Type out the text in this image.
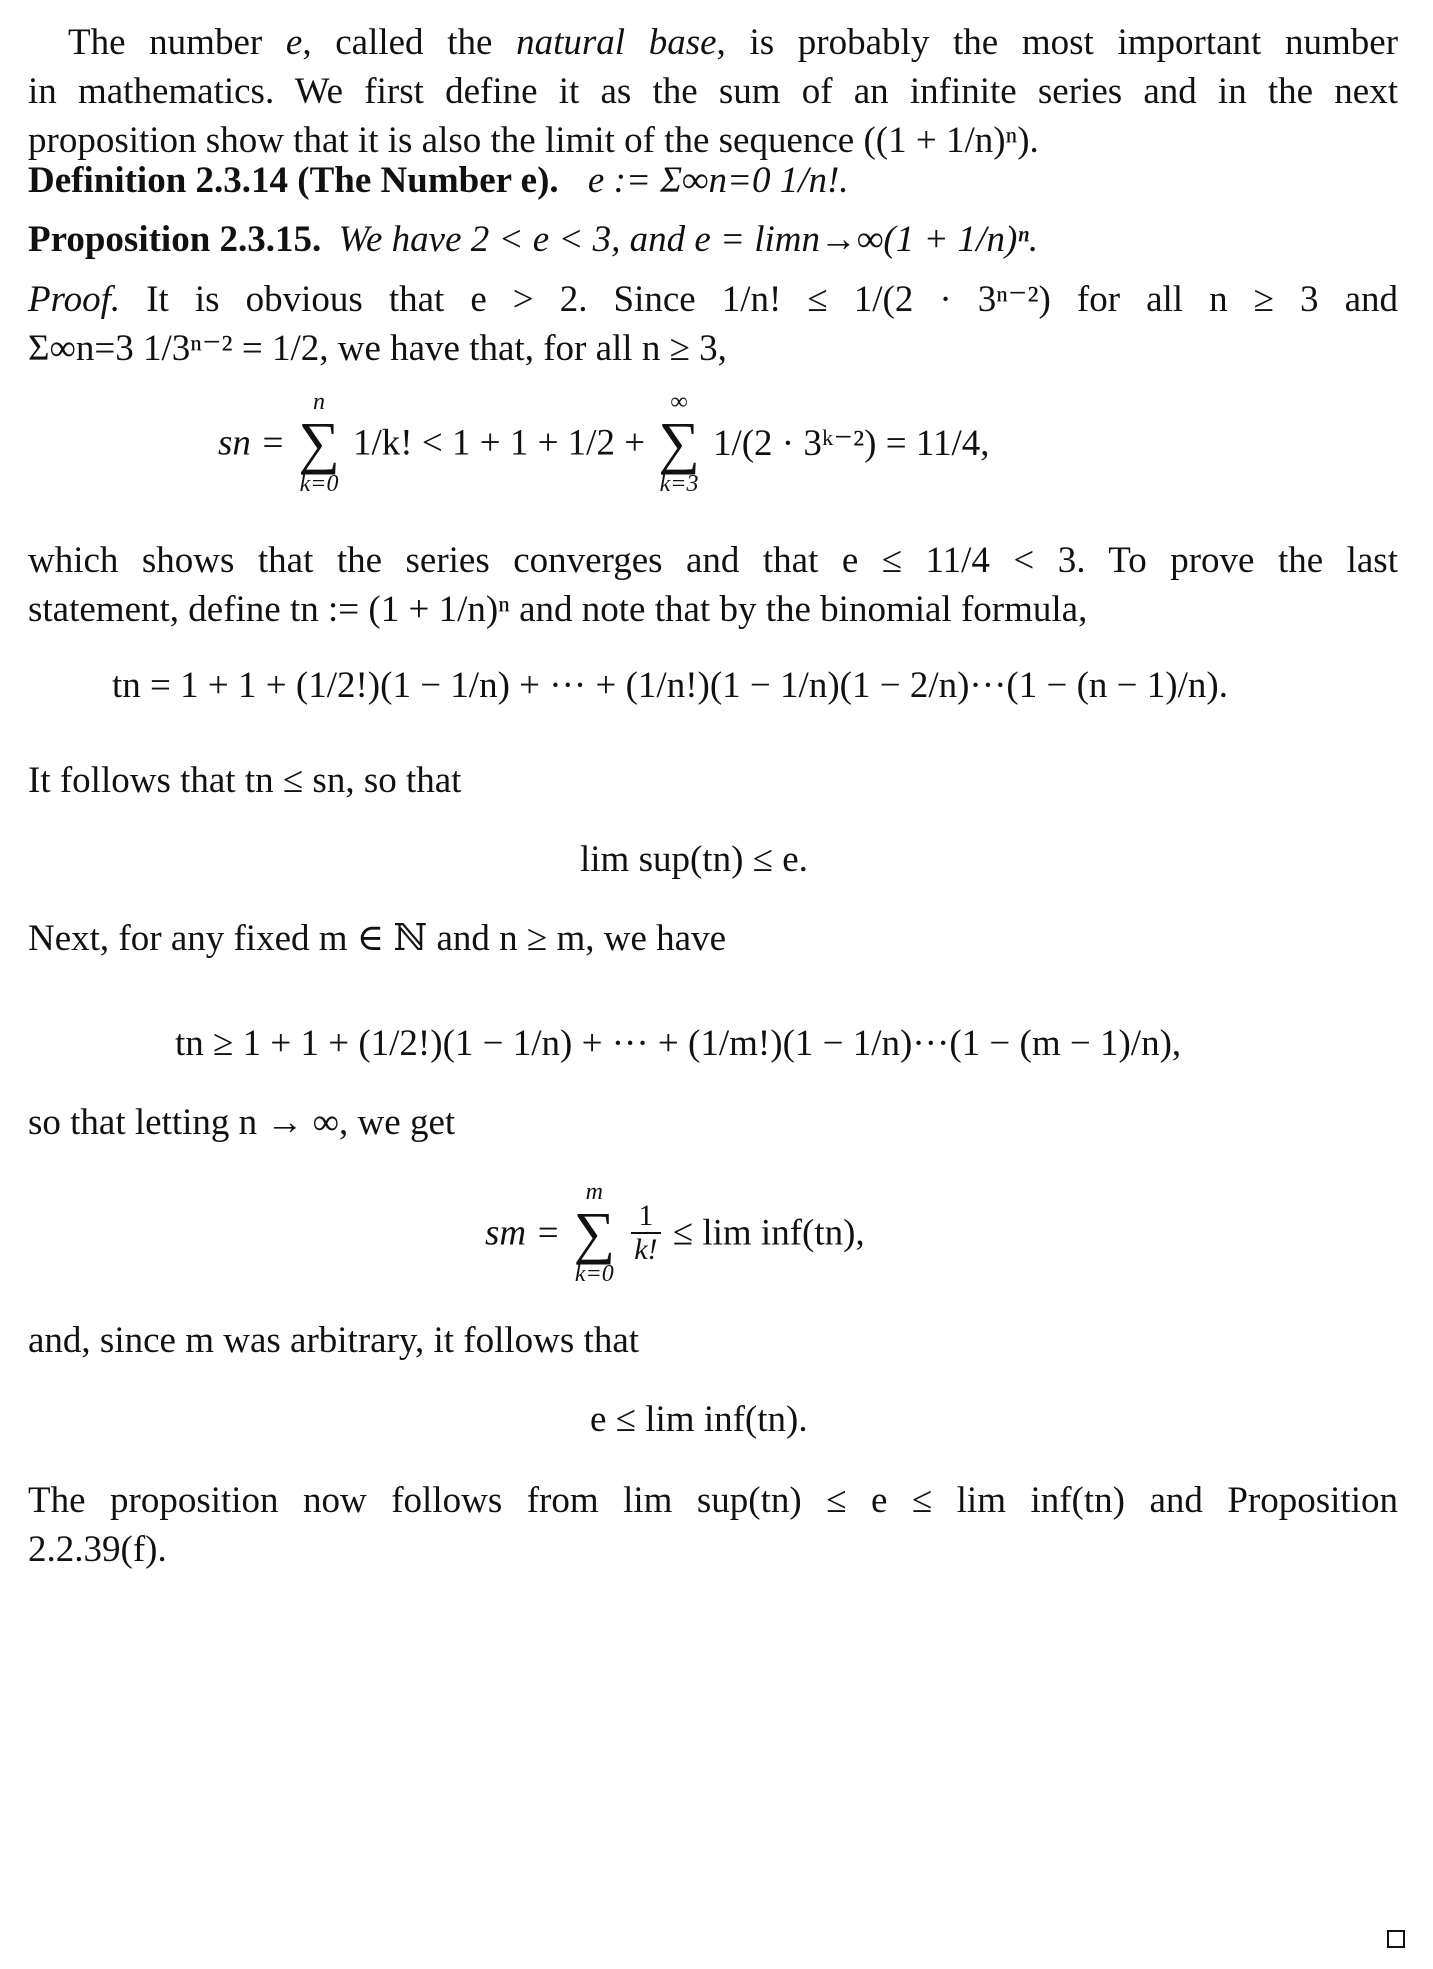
The number e, called the natural base, is probably the most important number
in mathematics. We first define it as the sum of an infinite series and in the next
proposition show that it is also the limit of the sequence ((1 + 1/n)ⁿ).
Definition 2.3.14 (The Number e). e := Σ∞n=0 1/n!.
Proposition 2.3.15. We have 2 < e < 3, and e = limn→∞(1 + 1/n)ⁿ.
Proof. It is obvious that e > 2. Since 1/n! ≤ 1/(2 · 3ⁿ⁻²) for all n ≥ 3 and
Σ∞n=3 1/3ⁿ⁻² = 1/2, we have that, for all n ≥ 3,
sn =
n
∑
k=0
1/k! < 1 + 1 + 1/2 +
∞
∑
k=3
1/(2 · 3ᵏ⁻²) = 11/4,
which shows that the series converges and that e ≤ 11/4 < 3. To prove the last
statement, define tn := (1 + 1/n)ⁿ and note that by the binomial formula,
tn = 1 + 1 + (1/2!)(1 − 1/n) + ··· + (1/n!)(1 − 1/n)(1 − 2/n)···(1 − (n − 1)/n).
It follows that tn ≤ sn, so that
lim sup(tn) ≤ e.
Next, for any fixed m ∈ ℕ and n ≥ m, we have
tn ≥ 1 + 1 + (1/2!)(1 − 1/n) + ··· + (1/m!)(1 − 1/n)···(1 − (m − 1)/n),
so that letting n → ∞, we get
sm =
m
∑
k=0

$\frac{1}{k!} \le \lim inf(tn)$,
and, since m was arbitrary, it follows that
e ≤ lim inf(tn).
The proposition now follows from lim sup(tn) ≤ e ≤ lim inf(tn) and Proposition
2.2.39(f).
